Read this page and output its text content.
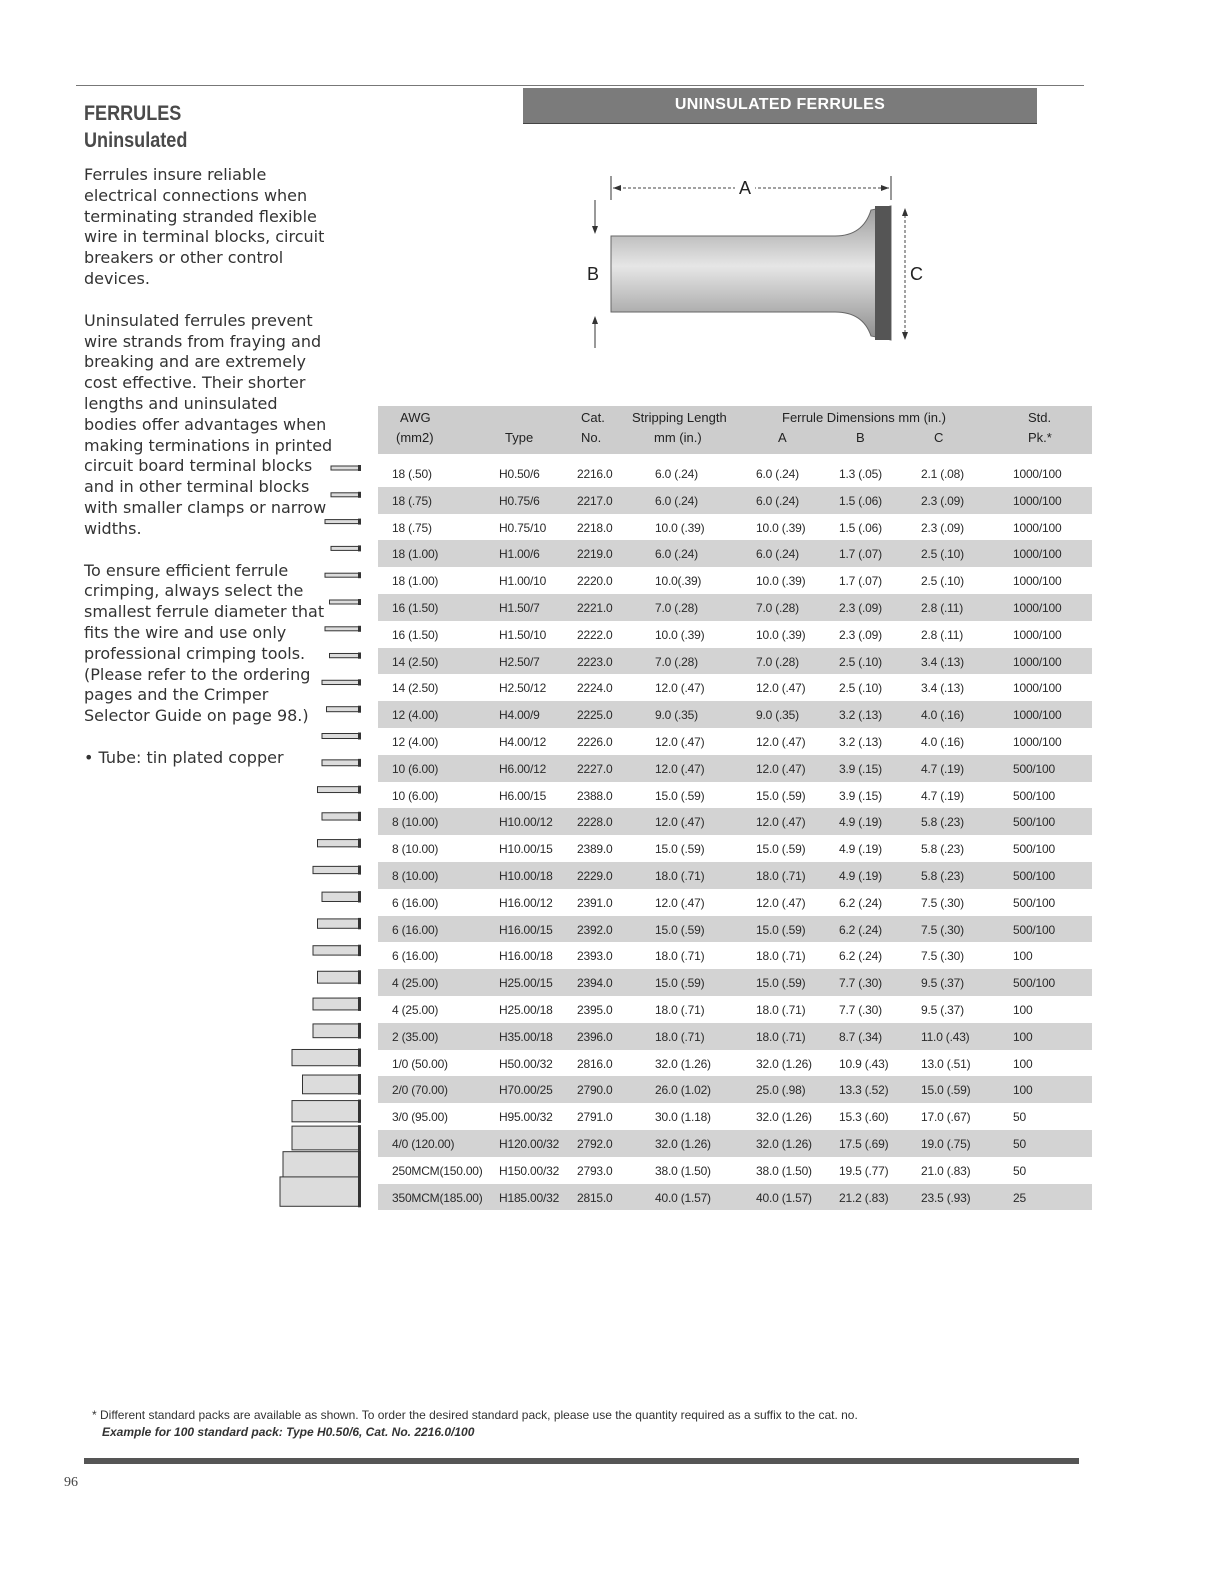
FERRULES
Uninsulated

Ferrules insure reliable electrical connections when terminating stranded flexible wire in terminal blocks, circuit breakers or other control devices.

Uninsulated ferrules prevent wire strands from fraying and breaking and are extremely cost effective. Their shorter lengths and uninsulated bodies offer advantages when making terminations in printed circuit board terminal blocks and in other terminal blocks with smaller clamps or narrow widths.

To ensure efficient ferrule crimping, always select the smallest ferrule diameter that fits the wire and use only professional crimping tools. (Please refer to the ordering pages and the Crimper Selector Guide on page 98.)

• Tube: tin plated copper

UNINSULATED FERRULES
A
B	C
AWG
(mm2)	Type
Cat.
No.
Stripping Length
mm (in.)
Ferrule Dimensions mm (in.)
A	B	C
Std.
Pk.*
18 (.50)	H0.50/6	2216.0	6.0 (.24)	6.0 (.24)	1.3 (.05)	2.1 (.08)	1000/100
18 (.75)	H0.75/6	2217.0	6.0 (.24)	6.0 (.24)	1.5 (.06)	2.3 (.09)	1000/100
18 (.75)	H0.75/10	2218.0	10.0 (.39)	10.0 (.39)	1.5 (.06)	2.3 (.09)	1000/100
18 (1.00)	H1.00/6	2219.0	6.0 (.24)	6.0 (.24)	1.7 (.07)	2.5 (.10)	1000/100
18 (1.00)	H1.00/10	2220.0	10.0(.39)	10.0 (.39)	1.7 (.07)	2.5 (.10)	1000/100
16 (1.50)	H1.50/7	2221.0	7.0 (.28)	7.0 (.28)	2.3 (.09)	2.8 (.11)	1000/100
16 (1.50)	H1.50/10	2222.0	10.0 (.39)	10.0 (.39)	2.3 (.09)	2.8 (.11)	1000/100
14 (2.50)	H2.50/7	2223.0	7.0 (.28)	7.0 (.28)	2.5 (.10)	3.4 (.13)	1000/100
14 (2.50)	H2.50/12	2224.0	12.0 (.47)	12.0 (.47)	2.5 (.10)	3.4 (.13)	1000/100
12 (4.00)	H4.00/9	2225.0	9.0 (.35)	9.0 (.35)	3.2 (.13)	4.0 (.16)	1000/100
12 (4.00)	H4.00/12	2226.0	12.0 (.47)	12.0 (.47)	3.2 (.13)	4.0 (.16)	1000/100
10 (6.00)	H6.00/12	2227.0	12.0 (.47)	12.0 (.47)	3.9 (.15)	4.7 (.19)	500/100
10 (6.00)	H6.00/15	2388.0	15.0 (.59)	15.0 (.59)	3.9 (.15)	4.7 (.19)	500/100
8 (10.00)	H10.00/12 2228.0	12.0 (.47)	12.0 (.47)	4.9 (.19)	5.8 (.23)	500/100
8 (10.00)	H10.00/15 2389.0	15.0 (.59)	15.0 (.59)	4.9 (.19)	5.8 (.23)	500/100
8 (10.00)	H10.00/18 2229.0	18.0 (.71)	18.0 (.71)	4.9 (.19)	5.8 (.23)	500/100
6 (16.00)	H16.00/12 2391.0	12.0 (.47)	12.0 (.47)	6.2 (.24)	7.5 (.30)	500/100
6 (16.00)	H16.00/15 2392.0	15.0 (.59)	15.0 (.59)	6.2 (.24)	7.5 (.30)	500/100
6 (16.00)	H16.00/18 2393.0	18.0 (.71)	18.0 (.71)	6.2 (.24)	7.5 (.30)	100
4 (25.00)	H25.00/15 2394.0	15.0 (.59)	15.0 (.59)	7.7 (.30)	9.5 (.37)	500/100
4 (25.00)	H25.00/18 2395.0	18.0 (.71)	18.0 (.71)	7.7 (.30)	9.5 (.37)	100
2 (35.00)	H35.00/18 2396.0	18.0 (.71)	18.0 (.71)	8.7 (.34)	11.0 (.43)	100
1/0 (50.00)	H50.00/32 2816.0	32.0 (1.26)	32.0 (1.26) 10.9 (.43)	13.0 (.51)	100
2/0 (70.00)	H70.00/25 2790.0	26.0 (1.02)	25.0 (.98)	13.3 (.52)	15.0 (.59)	100
3/0 (95.00)	H95.00/32 2791.0	30.0 (1.18)	32.0 (1.26) 15.3 (.60)	17.0 (.67)	50
4/0 (120.00)	H120.00/32 2792.0	32.0 (1.26)	32.0 (1.26) 17.5 (.69)	19.0 (.75)	50
250MCM(150.00) H150.00/32 2793.0	38.0 (1.50)	38.0 (1.50) 19.5 (.77)	21.0 (.83)	50
350MCM(185.00) H185.00/32 2815.0	40.0 (1.57)	40.0 (1.57) 21.2 (.83)	23.5 (.93)	25
* Different standard packs are available as shown. To order the desired standard pack, please use the quantity required as a suffix to the cat. no.
Example for 100 standard pack: Type H0.50/6, Cat. No. 2216.0/100
96
